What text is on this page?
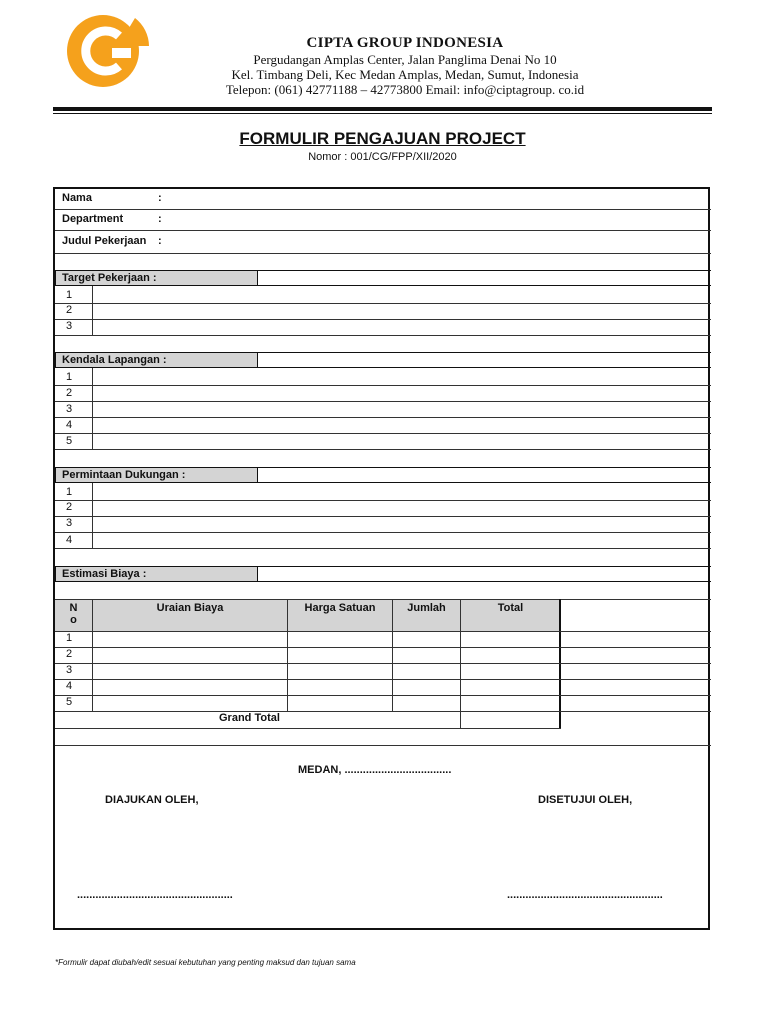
CIPTA GROUP INDONESIA
Pergudangan Amplas Center, Jalan Panglima Denai No 10
Kel. Timbang Deli, Kec Medan Amplas, Medan, Sumut, Indonesia
Telepon: (061) 42771188 – 42773800 Email: info@ciptagroup. co.id
FORMULIR PENGAJUAN PROJECT
Nomor : 001/CG/FPP/XII/2020
Nama	:
Department	:
Judul Pekerjaan :
Target Pekerjaan :
1
2
3
Kendala Lapangan :
1
2
3
4
5
Permintaan Dukungan :
1
2
3
4
Estimasi Biaya :
N
o
Uraian Biaya	Harga Satuan	Jumlah	Total
1
2
3
4
5
Grand Total
MEDAN, ...................................
DIAJUKAN OLEH,	DISETUJUI OLEH,
...................................................	...................................................
*Formulir dapat diubah/edit sesuai kebutuhan yang penting maksud dan tujuan sama
